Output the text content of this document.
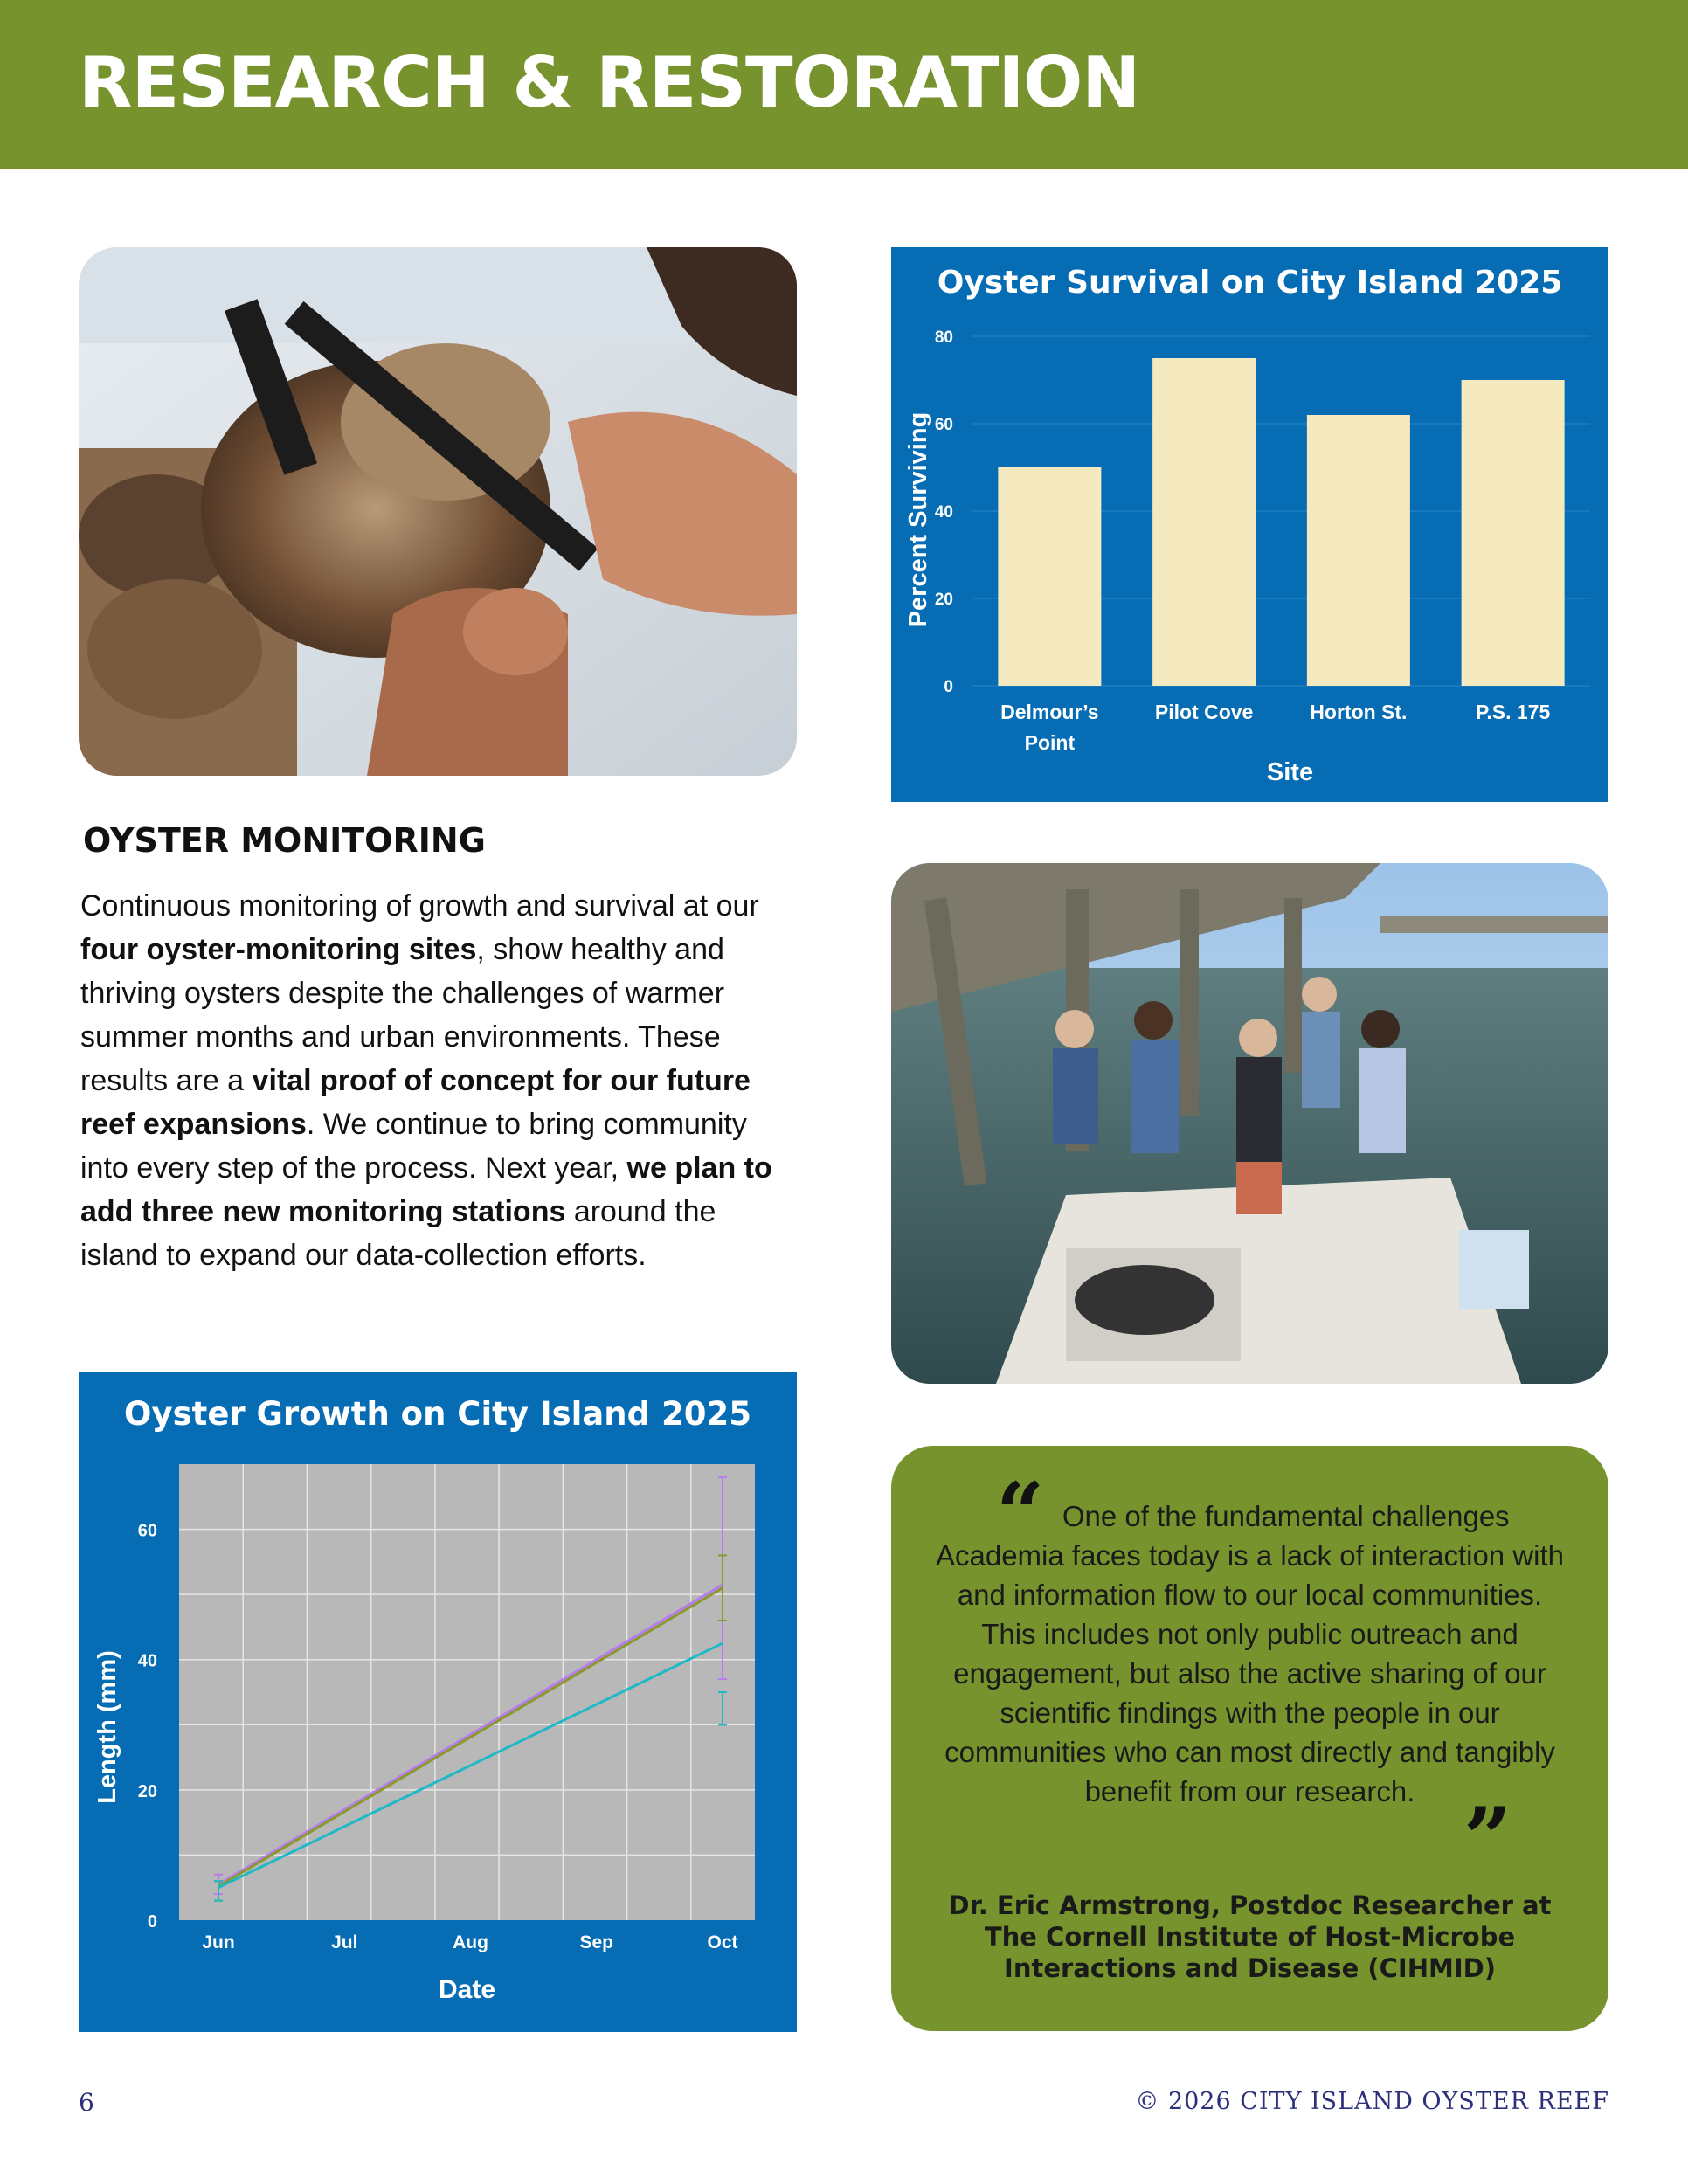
RESEARCH & RESTORATION
Oyster Survival on City Island 2025
0
20
40
60
80
Delmour’s Point
Pilot Cove	Horton St.	P.S. 175
Site
Percent Surviving
OYSTER MONITORING

Continuous monitoring of growth and survival at our four oyster-monitoring sites, show healthy and thriving oysters despite the challenges of warmer summer months and urban environments. These results are a vital proof of concept for our future reef expansions. We continue to bring community into every step of the process. Next year, we plan to add three new monitoring stations around the island to expand our data-collection efforts.

Oyster Growth on City Island 2025
0
20
40
60
Jun	Jul	Aug	Sep	Oct
Date
Length (mm)
“

    One of the fundamental challenges Academia faces today is a lack of interaction with and information flow to our local communities. This includes not only public outreach and engagement, but also the active sharing of our scientific findings with the people in our communities who can most directly and tangibly benefit from our research. ”

Dr. Eric Armstrong, Postdoc Researcher at The Cornell Institute of Host-Microbe Interactions and Disease (CIHMID)

6	© 2026 CITY ISLAND OYSTER REEF
